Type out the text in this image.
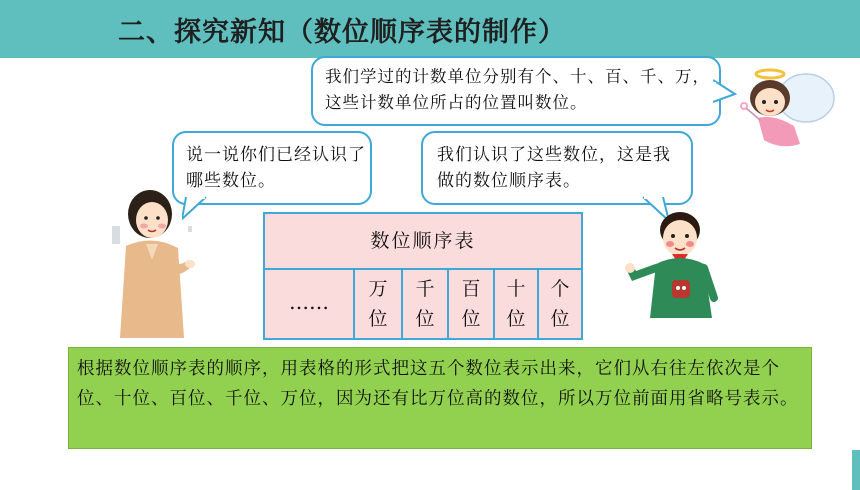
二、探究新知（数位顺序表的制作）
我们学过的计数单位分别有个、十、百、千、万，这些计数单位所占的位置叫数位。
说一说你们已经认识了哪些数位。
我们认识了这些数位，这是我做的数位顺序表。
数位顺序表
……
万
位
千
位
百
位
十
位
个
位
根据数位顺序表的顺序，用表格的形式把这五个数位表示出来，它们从右往左依次是个位、十位、百位、千位、万位，因为还有比万位高的数位，所以万位前面用省略号表示。
